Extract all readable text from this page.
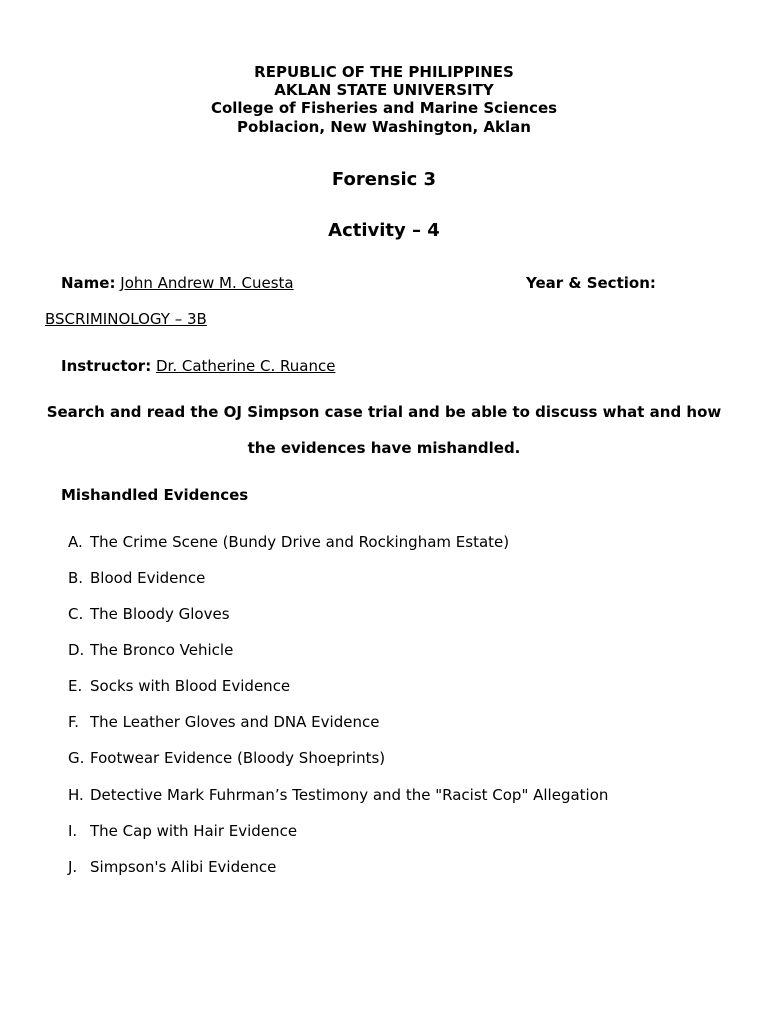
REPUBLIC OF THE PHILIPPINES
AKLAN STATE UNIVERSITY
College of Fisheries and Marine Sciences
Poblacion, New Washington, Aklan
Forensic 3
Activity – 4
Name: John Andrew M. Cuesta	Year & Section:
BSCRIMINOLOGY – 3B
Instructor: Dr. Catherine C. Ruance
Search and read the OJ Simpson case trial and be able to discuss what and how
the evidences have mishandled.
Mishandled Evidences
A. The Crime Scene (Bundy Drive and Rockingham Estate)
B. Blood Evidence
C. The Bloody Gloves
D. The Bronco Vehicle
E. Socks with Blood Evidence
F. The Leather Gloves and DNA Evidence
G. Footwear Evidence (Bloody Shoeprints)
H. Detective Mark Fuhrman’s Testimony and the "Racist Cop" Allegation
I. The Cap with Hair Evidence
J. Simpson's Alibi Evidence
